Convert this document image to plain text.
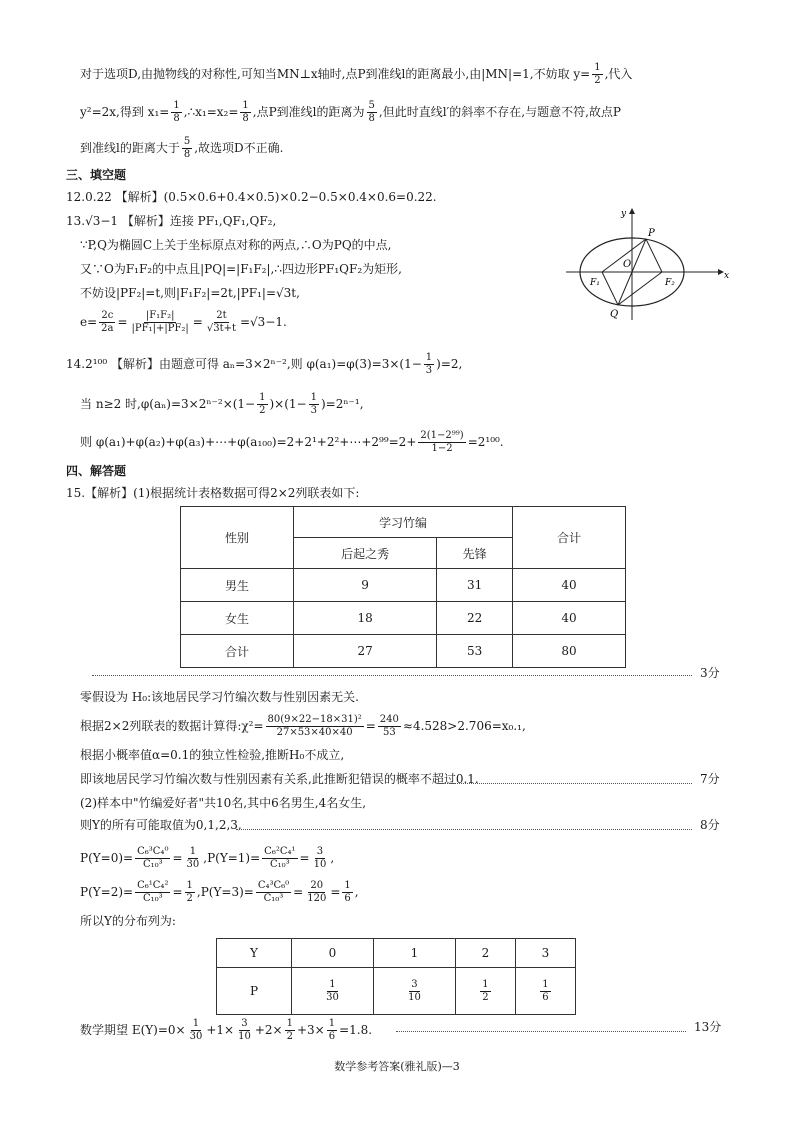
对于选项D,由抛物线的对称性,可知当MN⊥x轴时,点P到准线l的距离最小,由|MN|=1,不妨取 $y= \frac{1}{2}$ ,代入
y²=2x,得到 $x_1= \frac{1}{8}$ ,∴x₁=x₂= $\frac{1}{8}$ ,点P到准线l的距离为 $\frac{5}{8}$ ,但此时直线l′的斜率不存在,与题意不符,故点P
到准线l的距离大于 $\frac{5}{8}$ ,故选项D不正确.
三、填空题
12.0.22 【解析】(0.5×0.6+0.4×0.5)×0.2−0.5×0.4×0.6=0.22.
13.√3−1 【解析】连接 PF₁,QF₁,QF₂,
∵P,Q为椭圆C上关于坐标原点对称的两点,∴O为PQ的中点,
又∵O为F₁F₂的中点且|PQ|=|F₁F₂|,∴四边形PF₁QF₂为矩形,
不妨设|PF₂|=t,则|F₁F₂|=2t,|PF₁|=√3t,
$e= \frac{2c}{2a} = \frac{\text{|F₁F₂|}}{\text{|PF₁|+|PF₂|}} = \frac{2t}{√3t+t} =√3-1$.
y
x
P
O
Q
F₁	F₂
14.2¹⁰⁰ 【解析】由题意可得 aₙ=3×2ⁿ⁻²,则 $\varphi(a_1)=\varphi(3)=3\times(1- \frac{1}{3} )=2$,
当 n≥2 时$,\varphi(a_n)=3\times 2^{n-2}\times(1- \frac{1}{2} )\times(1- \frac{1}{3} )=2^{n-1}$,
则 φ(a₁)+φ(a₂)+φ(a₃)+⋯+φ(a₁₀₀)=2+2¹+2²+⋯+2⁹⁹=2+ $\frac{\text{2(1−2⁹⁹)}}{1-2} =2^{100}$.
四、解答题
15.【解析】(1)根据统计表格数据可得2×2列联表如下:
性别	学习竹编		合计
	后起之秀	先锋	
男生	9	31	40
女生	18	22	40
合计	27	53	80
3分
零假设为 H₀:该地居民学习竹编次数与性别因素无关.
根据2×2列联表的数据计算得:χ²= $\frac{\text{80(9×22−18×31)²}}{27\times 53\times 40\times 40} = \frac{240}{53} \approx 4.528>2.706=x_0._1$,
根据小概率值α=0.1的独立性检验,推断H₀不成立,
即该地居民学习竹编次数与性别因素有关系,此推断犯错误的概率不超过0.1.	7分
(2)样本中"竹编爱好者"共10名,其中6名男生,4名女生,
则Y的所有可能取值为0,1,2,3,	8分
$P(Y=0)= \frac{\text{C₆³C₄⁰}}{\text{C₁₀³}} = \frac{1}{30} ,P(Y=1)= \frac{\text{C₆²C₄¹}}{\text{C₁₀³}} = \frac{3}{10}$ ,
$P(Y=2)= \frac{\text{C₆¹C₄²}}{\text{C₁₀³}} = \frac{1}{2} ,P(Y=3)= \frac{\text{C₄³C₆⁰}}{\text{C₁₀³}} = \frac{20}{120} = \frac{1}{6}$ ,
所以Y的分布列为:
Y	0	1	2	3
P	$\frac{1}{30}$	$\frac{3}{10}$	$\frac{1}{2}$	$\frac{1}{6}$
数学期望 $E(Y)=0\times \frac{1}{30} +1\times \frac{3}{10} +2\times \frac{1}{2} +3\times \frac{1}{6} =1.8$.	13分
数学参考答案(雅礼版)—3
